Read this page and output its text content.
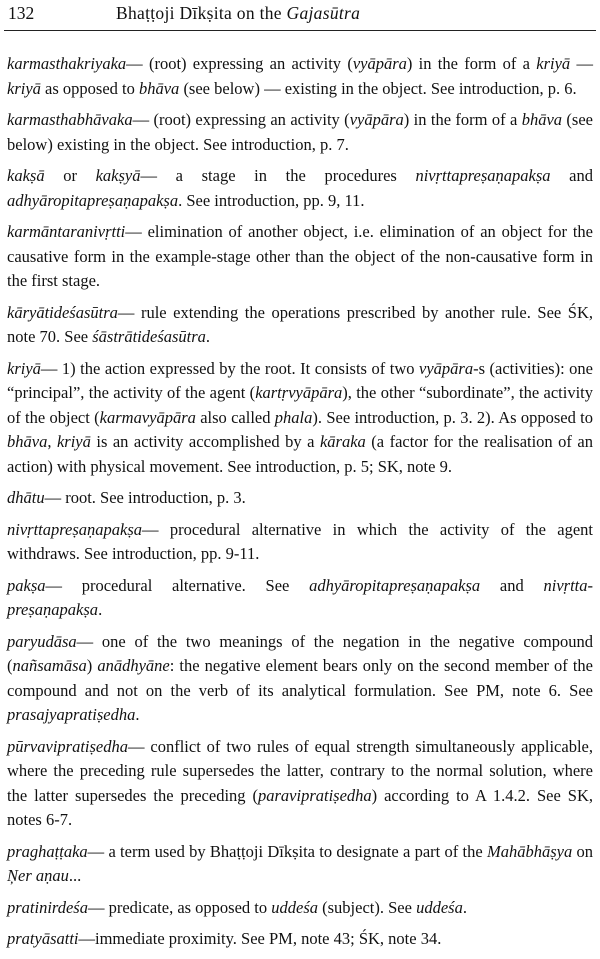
132	Bhaṭṭoji Dīkṣita on the Gajasūtra

karmasthakriyaka— (root) expressing an activity (vyāpāra) in the form of a kriyā — kriyā as opposed to bhāva (see below) — existing in the object. See introduction, p. 6.

karmasthabhāvaka— (root) expressing an activity (vyāpāra) in the form of a bhāva (see below) existing in the object. See introduction, p. 7.

kakṣā or kakṣyā— a stage in the procedures nivṛttapreṣaṇapakṣa and adhyāropitapreṣaṇapakṣa. See introduction, pp. 9, 11.

karmāntaranivṛtti— elimination of another object, i.e. elimination of an object for the causative form in the example-stage other than the object of the non-causative form in the first stage.

kāryātideśasūtra— rule extending the operations prescribed by another rule. See ŚK, note 70. See śāstrātideśasūtra.

kriyā— 1) the action expressed by the root. It consists of two vyāpāra-s (activities): one “principal”, the activity of the agent (kartṛvyāpāra), the other “subordinate”, the activity of the object (karmavyāpāra also called phala). See introduction, p. 3. 2). As opposed to bhāva, kriyā is an activity accomplished by a kāraka (a factor for the realisation of an action) with physical movement. See introduction, p. 5; SK, note 9.

dhātu— root. See introduction, p. 3.

nivṛttapreṣaṇapakṣa— procedural alternative in which the activity of the agent withdraws. See introduction, pp. 9-11.

pakṣa— procedural alternative. See adhyāropitapreṣaṇapakṣa and nivṛtta-preṣaṇapakṣa.

paryudāsa— one of the two meanings of the negation in the negative compound (nañsamāsa) anādhyāne: the negative element bears only on the second member of the compound and not on the verb of its analytical formulation. See PM, note 6. See prasajyapratiṣedha.

pūrvavipratiṣedha— conflict of two rules of equal strength simultaneously applicable, where the preceding rule supersedes the latter, contrary to the normal solution, where the latter supersedes the preceding (paravipratiṣedha) according to A 1.4.2. See SK, notes 6-7.

praghaṭṭaka— a term used by Bhaṭṭoji Dīkṣita to designate a part of the Mahābhāṣya on Ņer aṇau...

pratinirdeśa— predicate, as opposed to uddeśa (subject). See uddeśa.

pratyāsatti—immediate proximity. See PM, note 43; ŚK, note 34.
